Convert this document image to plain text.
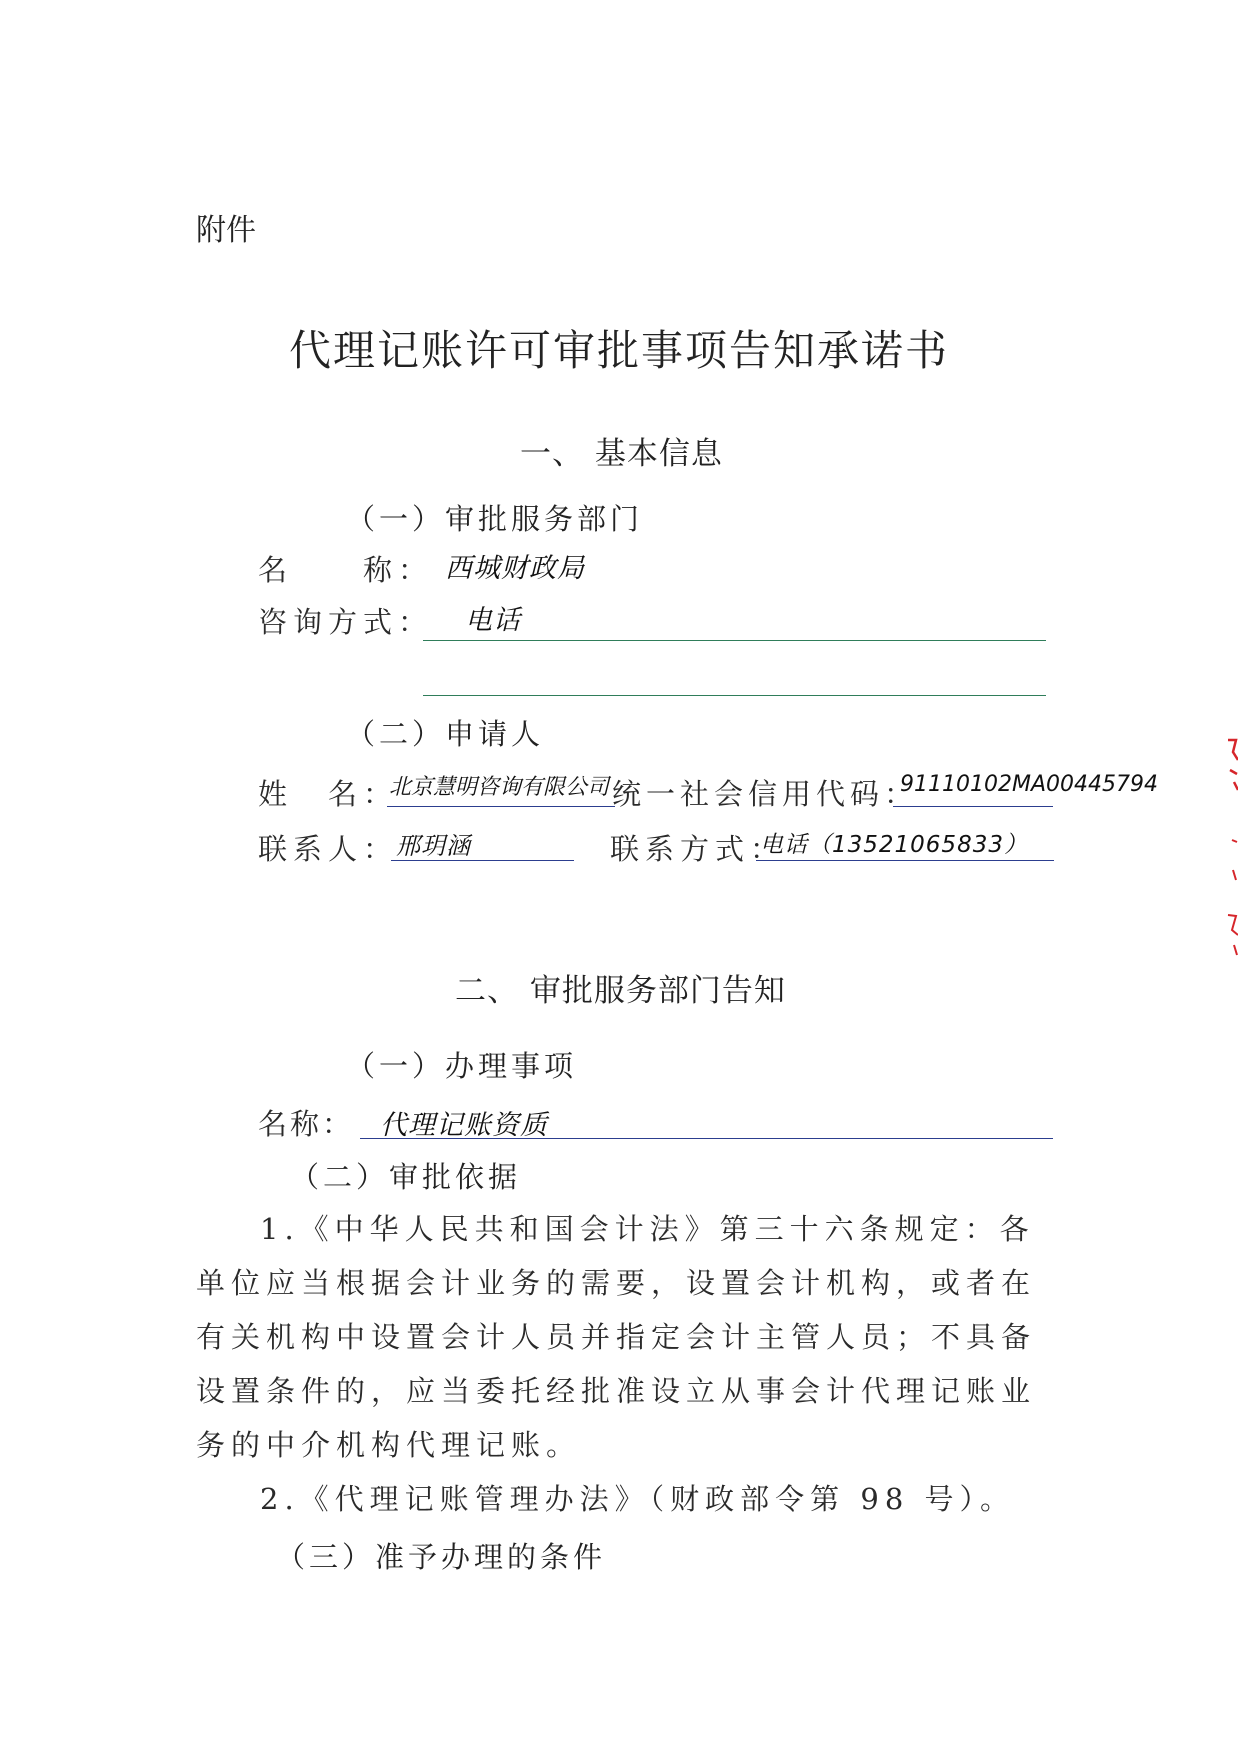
附件
代理记账许可审批事项告知承诺书
一、 基本信息
（一）审批服务部门
名　　称： 西城财政局
咨询方式： 电话
（二）申请人
姓　名：
北京慧明咨询有限公司 统一社会信用代码：
91110102MA00445794
联系人：
邢玥涵	联系方式：
电话（13521065833）
二、 审批服务部门告知
（一）办理事项
名称： 代理记账资质
（二）审批依据
1.《中华人民共和国会计法》第三十六条规定：各单位应当根据会计业务的需要，设置会计机构，或者在有关机构中设置会计人员并指定会计主管人员；不具备设置条件的，应当委托经批准设立从事会计代理记账业务的中介机构代理记账。
2.《代理记账管理办法》（财政部令第 98 号）。
（三）准予办理的条件
